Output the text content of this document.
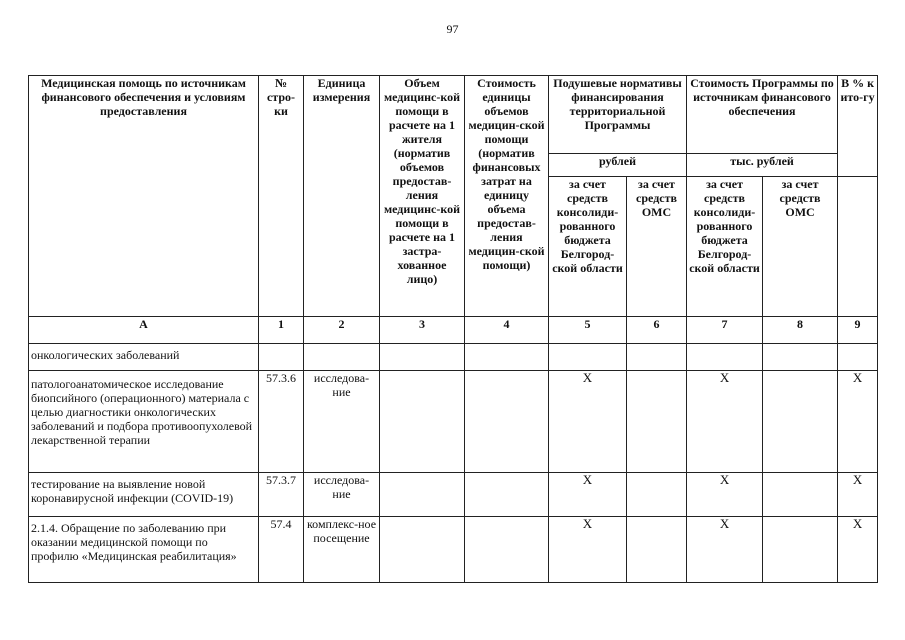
97
Медицинская помощь по источникам финансового обеспечения и условиям предоставления	№ стро-ки	Единица измерения	Объем медицинс-кой помощи в расчете на 1 жителя (норматив объемов предостав-ления медицинс-кой помощи в расчете на 1 застра-хованное лицо)	Стоимость единицы объемов медицин-ской помощи (норматив финансовых затрат на единицу объема предостав-ления медицин-ской помощи)	Подушевые нормативы финансирования территориальной Программы		Стоимость Программы по источникам финансового обеспечения		В % к ито-гу
					рублей		тыс. рублей		
					за счет средств консолиди-рованного бюджета Белгород-ской области	за счет средств ОМС	за счет средств консолиди-рованного бюджета Белгород-ской области	за счет средств ОМС	
А	1	2	3	4	5	6	7	8	9
онкологических заболеваний									
патологоанатомическое исследование биопсийного (операционного) материала с целью диагностики онкологических заболеваний и подбора противоопухолевой лекарственной терапии	57.3.6	исследова-ние			Х		Х		Х
тестирование на выявление новой коронавирусной инфекции (COVID-19)	57.3.7	исследова-ние			Х		Х		Х
2.1.4. Обращение по заболеванию при оказании медицинской помощи по профилю «Медицинская реабилитация»	57.4	комплекс-ное посещение			Х		Х		Х
